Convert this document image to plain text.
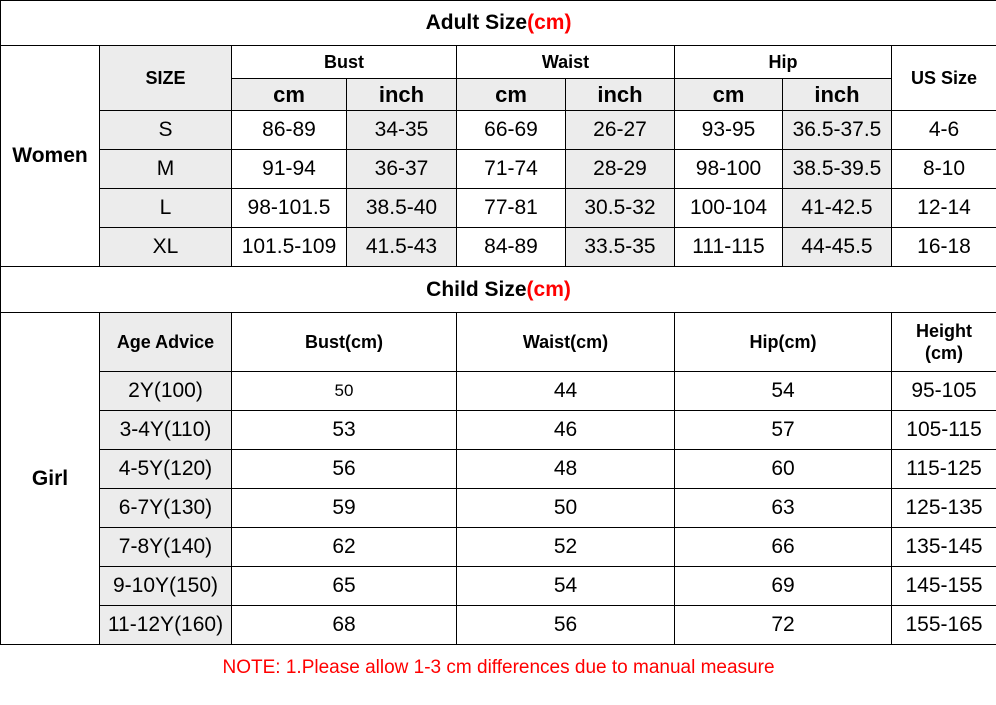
Adult Size(cm)								
Women	SIZE	Bust		Waist		Hip		US Size
		cm	inch	cm	inch	cm	inch	
	S	86-89	34-35	66-69	26-27	93-95	36.5-37.5	4-6
	M	91-94	36-37	71-74	28-29	98-100	38.5-39.5	8-10
	L	98-101.5	38.5-40	77-81	30.5-32	100-104	41-42.5	12-14
	XL	101.5-109	41.5-43	84-89	33.5-35	111-115	44-45.5	16-18
Child Size(cm)								
Girl	Age Advice	Bust(cm)		Waist(cm)		Hip(cm)		Height
(cm)
	2Y(100)	50		44		54		95-105
	3-4Y(110)	53		46		57		105-115
	4-5Y(120)	56		48		60		115-125
	6-7Y(130)	59		50		63		125-135
	7-8Y(140)	62		52		66		135-145
	9-10Y(150)	65		54		69		145-155
	11-12Y(160)	68		56		72		155-165
NOTE: 1.Please allow 1-3 cm differences due to manual measure								
